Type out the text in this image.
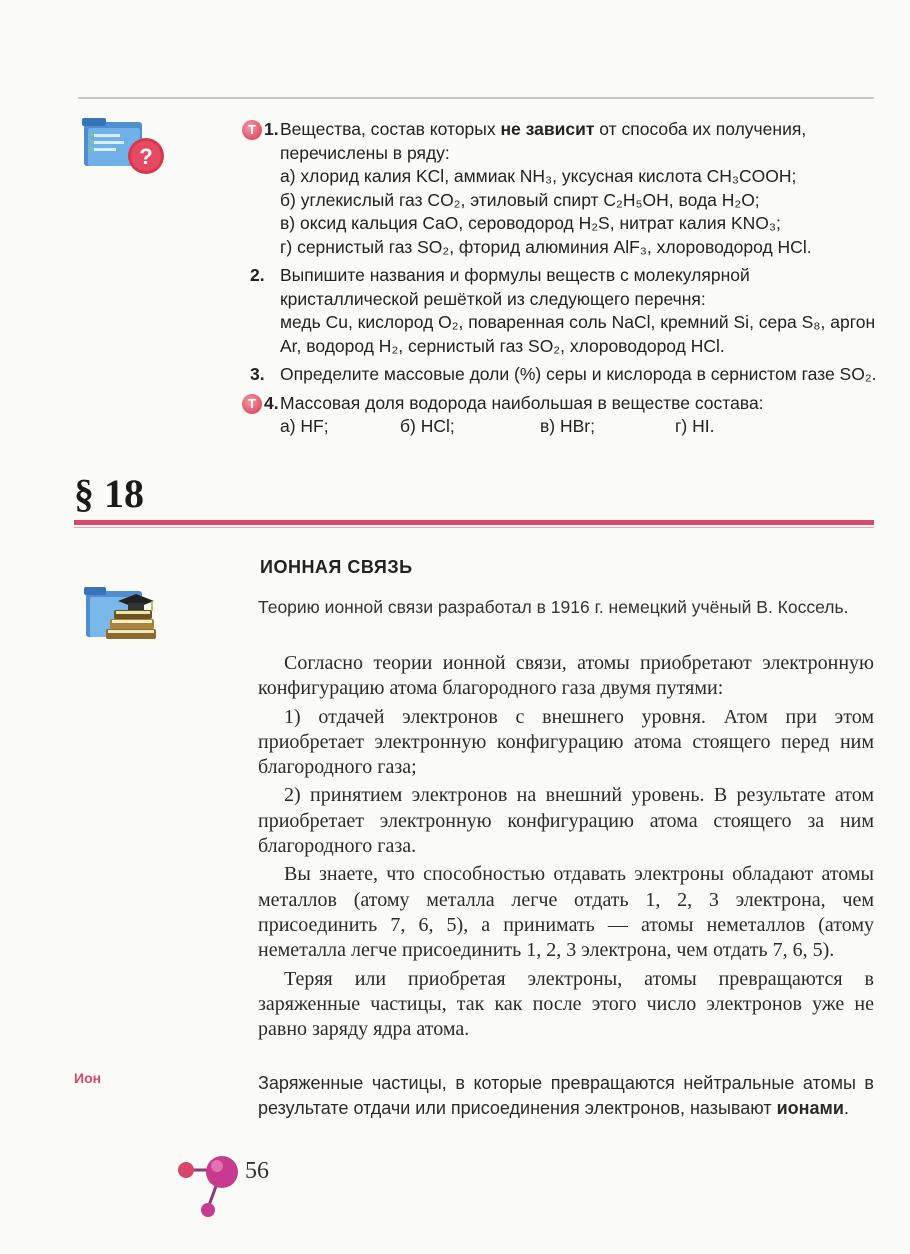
?
Т 1. Вещества, состав которых не зависит от способа их получения,

перечислены в ряду:

а) хлорид калия KCl, аммиак NH₃, уксусная кислота CH₃COOH;

б) углекислый газ CO₂, этиловый спирт C₂H₅OH, вода H₂O;

в) оксид кальция CaO, сероводород H₂S, нитрат калия KNO₃;

г) сернистый газ SO₂, фторид алюминия AlF₃, хлороводород HCl.

2. Выпишите названия и формулы веществ с молекулярной кристаллической решёткой из следующего перечня:

медь Cu, кислород O₂, поваренная соль NaCl, кремний Si, сера S₈, аргон Ar, водород H₂, сернистый газ SO₂, хлороводород HCl.

3. Определите массовые доли (%) серы и кислорода в сернистом газе SO₂.

Т 4. Массовая доля водорода наибольшая в веществе состава:

а) HF;	б) HCl;	в) HBr;	г) HI.

§ 18
ИОННАЯ СВЯЗЬ

Теорию ионной связи разработал в 1916 г. немецкий учёный В. Коссель.

Согласно теории ионной связи, атомы приобретают электронную конфигурацию атома благородного газа двумя путями:

1) отдачей электронов с внешнего уровня. Атом при этом приобретает электронную конфигурацию атома стоящего перед ним благородного газа;

2) принятием электронов на внешний уровень. В результате атом приобретает электронную конфигурацию атома стоящего за ним благородного газа.

Вы знаете, что способностью отдавать электроны обладают атомы металлов (атому металла легче отдать 1, 2, 3 электрона, чем присоединить 7, 6, 5), а принимать — атомы неметаллов (атому неметалла легче присоединить 1, 2, 3 электрона, чем отдать 7, 6, 5).

Теряя или приобретая электроны, атомы превращаются в заряженные частицы, так как после этого число электронов уже не равно заряду ядра атома.

Ион	Заряженные частицы, в которые превращаются нейтральные атомы в результате отдачи или присоединения электронов, называют ионами.

56
